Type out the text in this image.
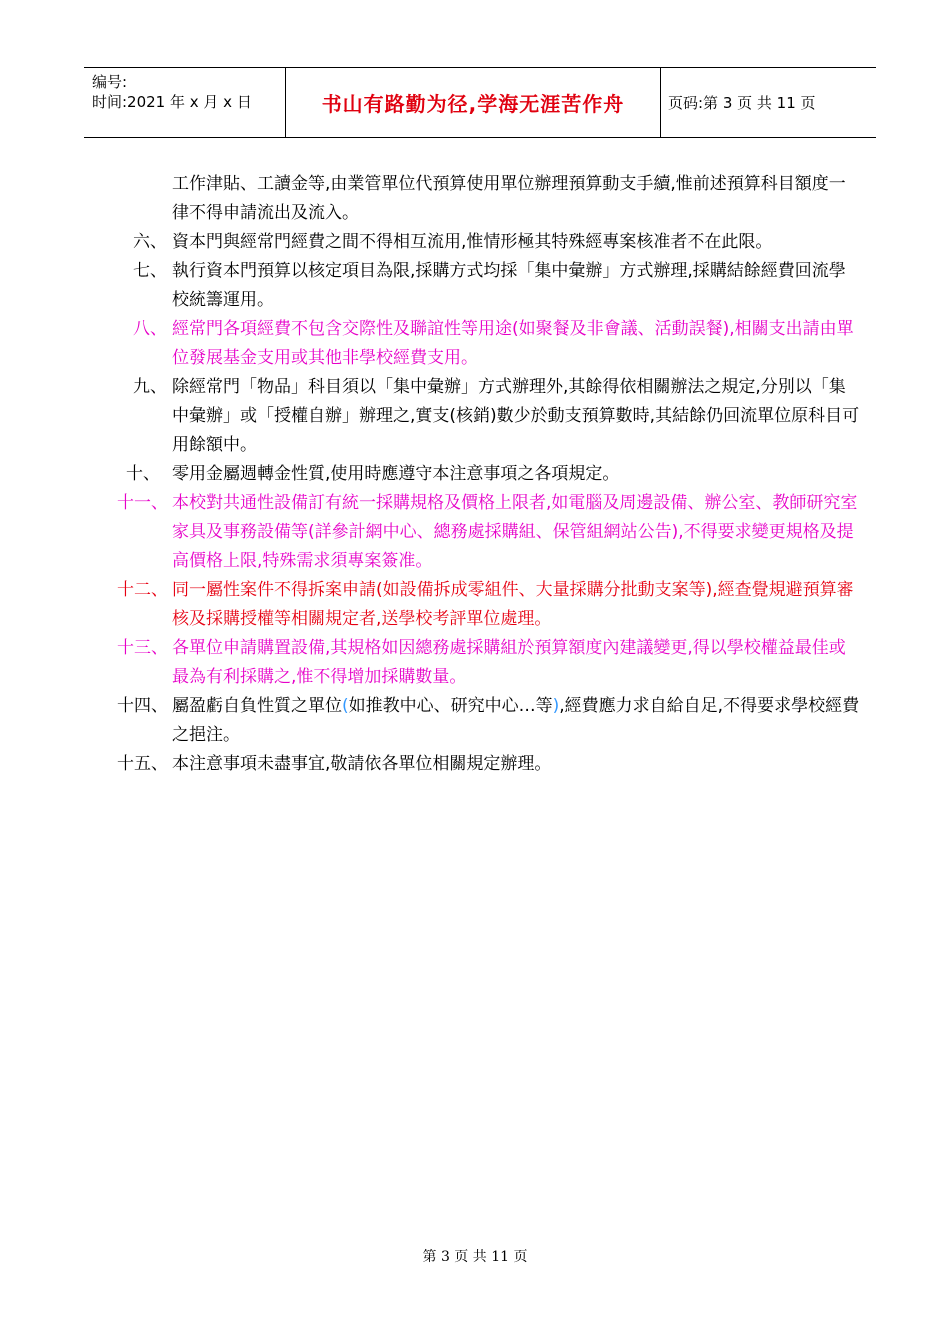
编号:
时间:2021 年 x 月 x 日	书山有路勤为径,学海无涯苦作舟	页码:第 3 页 共 11 页
工作津貼、工讀金等,由業管單位代預算使用單位辦理預算動支手續,惟前述預算科目額度一律不得申請流出及流入。
六、 資本門與經常門經費之間不得相互流用,惟情形極其特殊經專案核准者不在此限。
七、 執行資本門預算以核定項目為限,採購方式均採「集中彙辦」方式辦理,採購結餘經費回流學校統籌運用。
八、 經常門各項經費不包含交際性及聯誼性等用途(如聚餐及非會議、活動誤餐),相關支出請由單位發展基金支用或其他非學校經費支用。
九、 除經常門「物品」科目須以「集中彙辦」方式辦理外,其餘得依相關辦法之規定,分別以「集中彙辦」或「授權自辦」辦理之,實支(核銷)數少於動支預算數時,其結餘仍回流單位原科目可用餘額中。
十、 零用金屬週轉金性質,使用時應遵守本注意事項之各項規定。
十一、 本校對共通性設備訂有統一採購規格及價格上限者,如電腦及周邊設備、辦公室、教師研究室家具及事務設備等(詳參計網中心、總務處採購組、保管組網站公告),不得要求變更規格及提高價格上限,特殊需求須專案簽准。
十二、 同一屬性案件不得拆案申請(如設備拆成零組件、大量採購分批動支案等),經查覺規避預算審核及採購授權等相關規定者,送學校考評單位處理。
十三、 各單位申請購置設備,其規格如因總務處採購組於預算額度內建議變更,得以學校權益最佳或最為有利採購之,惟不得增加採購數量。
十四、 屬盈虧自負性質之單位(如推教中心、研究中心…等),經費應力求自給自足,不得要求學校經費之挹注。
十五、 本注意事項未盡事宜,敬請依各單位相關規定辦理。
第 3 页 共 11 页
